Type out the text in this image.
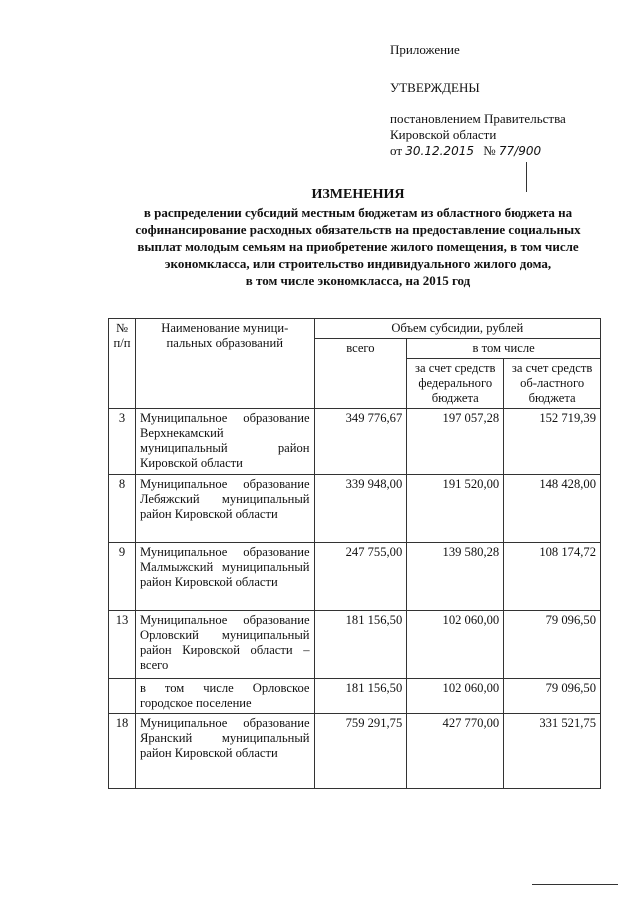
Приложение
УТВЕРЖДЕНЫ
постановлением Правительства
Кировской области
от 30.12.2015 № 77/900
ИЗМЕНЕНИЯ
в распределении субсидий местным бюджетам из областного бюджета на
софинансирование расходных обязательств на предоставление социальных
выплат молодым семьям на приобретение жилого помещения, в том числе
экономкласса, или строительство индивидуального жилого дома,
в том числе экономкласса, на 2015 год
№ п/п	Наименование муници-пальных образований	Объем субсидии, рублей		
		всего	в том числе	
			за счет средств федерального бюджета	за счет средств об-ластного бюджета
3	Муниципальное образование Верхнекамский муниципальный район Кировской области	349 776,67	197 057,28	152 719,39
8	Муниципальное образование Лебяжский муниципальный район Кировской области	339 948,00	191 520,00	148 428,00
9	Муниципальное образование Малмыжский муниципальный район Кировской области	247 755,00	139 580,28	108 174,72
13	Муниципальное образование Орловский муниципальный район Кировской области – всего	181 156,50	102 060,00	79 096,50
	в том числе Орловское городское поселение	181 156,50	102 060,00	79 096,50
18	Муниципальное образование Яранский муниципальный район Кировской области	759 291,75	427 770,00	331 521,75
